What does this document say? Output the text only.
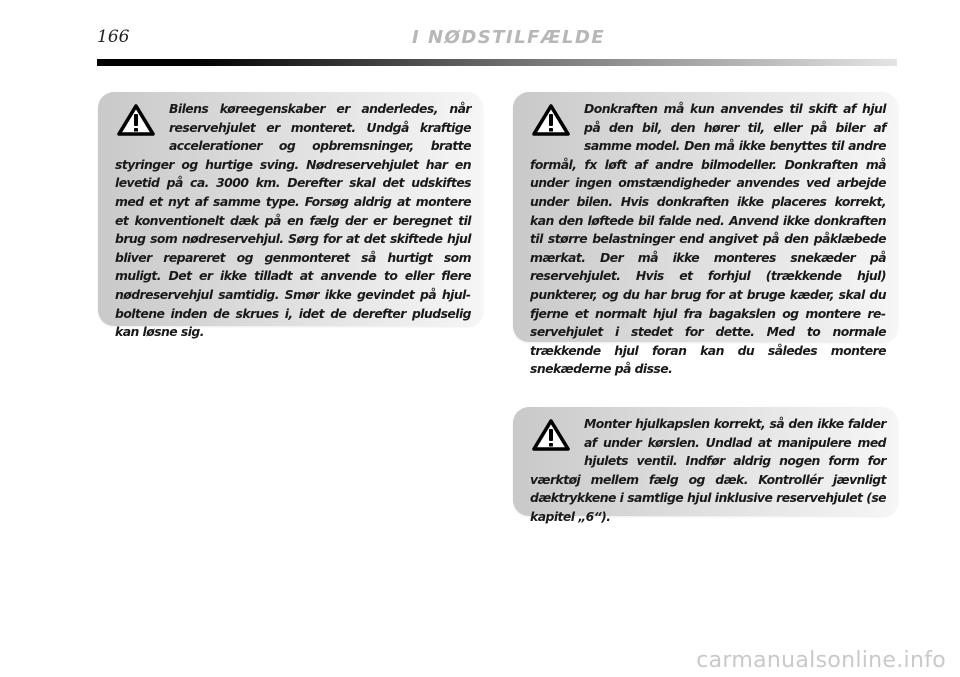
166	I NØDSTILFÆLDE

Bilens køreegenskaber er anderledes, når reservehjulet er monteret. Undgå kraftige accelerationer og opbremsninger, bratte styringer og hurtige sving. Nødreservehjulet har en levetid på ca. 3000 km. Derefter skal det udskiftes med et nyt af samme type. Forsøg aldrig at montere et konventionelt dæk på en fælg der er beregnet til brug som nødreservehjul. Sørg for at det skiftede hjul bliver repareret og genmonteret så hurtigt som muligt. Det er ikke tilladt at anvende to eller flere nødreservehjul samtidig. Smør ikke gevindet på hjulboltene inden de skrues i, idet de derefter pludselig kan løsne sig.

Donkraften må kun anvendes til skift af hjul på den bil, den hører til, eller på biler af samme model. Den må ikke benyttes til andre formål, fx løft af andre bilmodeller. Donkraften må under ingen omstændigheder anvendes ved arbejde under bilen. Hvis donkraften ikke placeres korrekt, kan den løftede bil falde ned. Anvend ikke donkraften til større belastninger end angivet på den påklæbede mærkat. Der må ikke monteres snekæder på reservehjulet. Hvis et forhjul (trækkende hjul) punkterer, og du har brug for at bruge kæder, skal du fjerne et normalt hjul fra bagakslen og montere reservehjulet i stedet for dette. Med to normale trækkende hjul foran kan du således montere snekæderne på disse.

Monter hjulkapslen korrekt, så den ikke falder af under kørslen. Undlad at manipulere med hjulets ventil. Indfør aldrig nogen form for værktøj mellem fælg og dæk. Kontrollér jævnligt dæktrykkene i samtlige hjul inklusive reservehjulet (se kapitel „6“).

carmanualsonline.info
